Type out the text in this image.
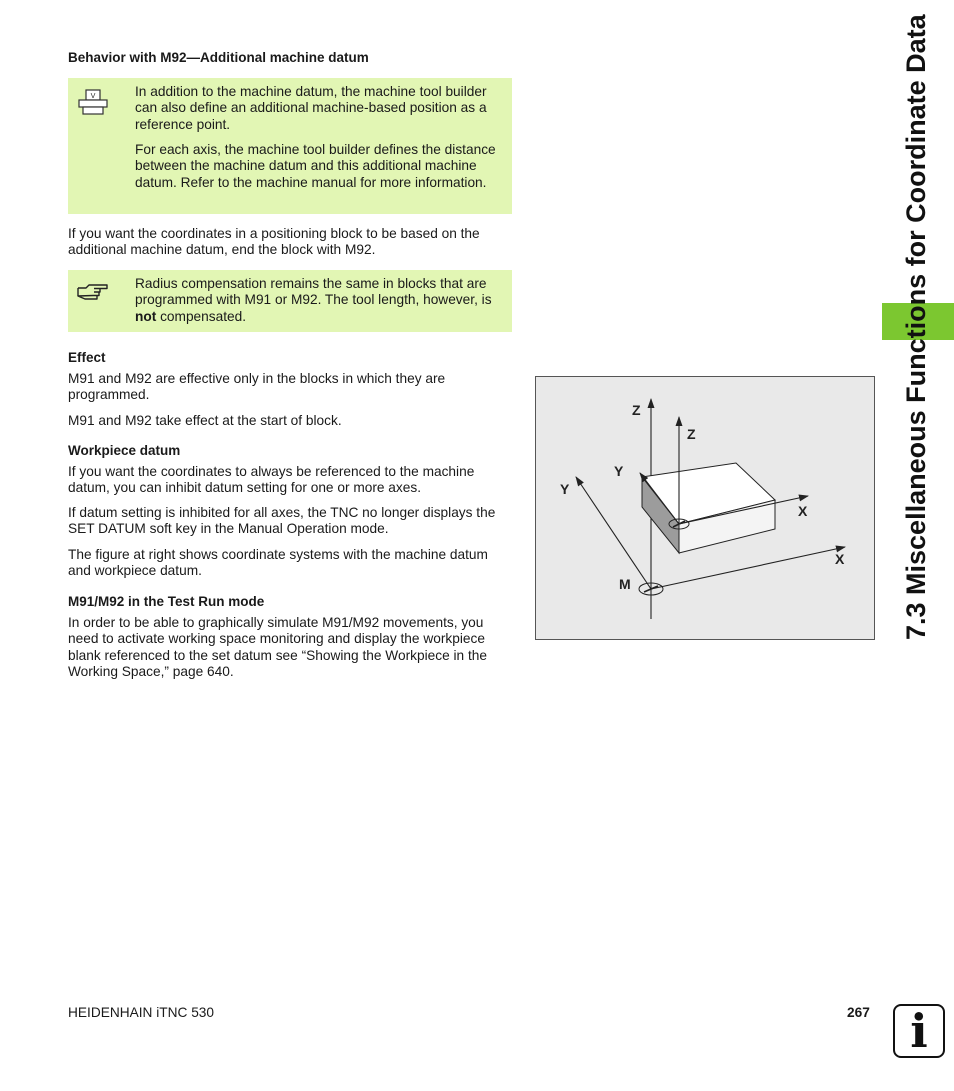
Behavior with M92—Additional machine datum
V	In addition to the machine datum, the machine tool builder can also define an additional machine-based position as a reference point.
For each axis, the machine tool builder defines the distance between the machine datum and this additional machine datum. Refer to the machine manual for more information.
If you want the coordinates in a positioning block to be based on the additional machine datum, end the block with M92.
Radius compensation remains the same in blocks that are programmed with M91 or M92. The tool length, however, is not compensated.
Effect
M91 and M92 are effective only in the blocks in which they are programmed.
M91 and M92 take effect at the start of block.
Workpiece datum
If you want the coordinates to always be referenced to the machine datum, you can inhibit datum setting for one or more axes.
If datum setting is inhibited for all axes, the TNC no longer displays the SET DATUM soft key in the Manual Operation mode.
The figure at right shows coordinate systems with the machine datum and workpiece datum.
M91/M92 in the Test Run mode
In order to be able to graphically simulate M91/M92 movements, you need to activate working space monitoring and display the workpiece blank referenced to the set datum see “Showing the Workpiece in the Working Space,” page 640.
Z
Z
Y
Y
X
X
M	7.3 Miscellaneous Functions for Coordinate Data
HEIDENHAIN iTNC 530	267 i
